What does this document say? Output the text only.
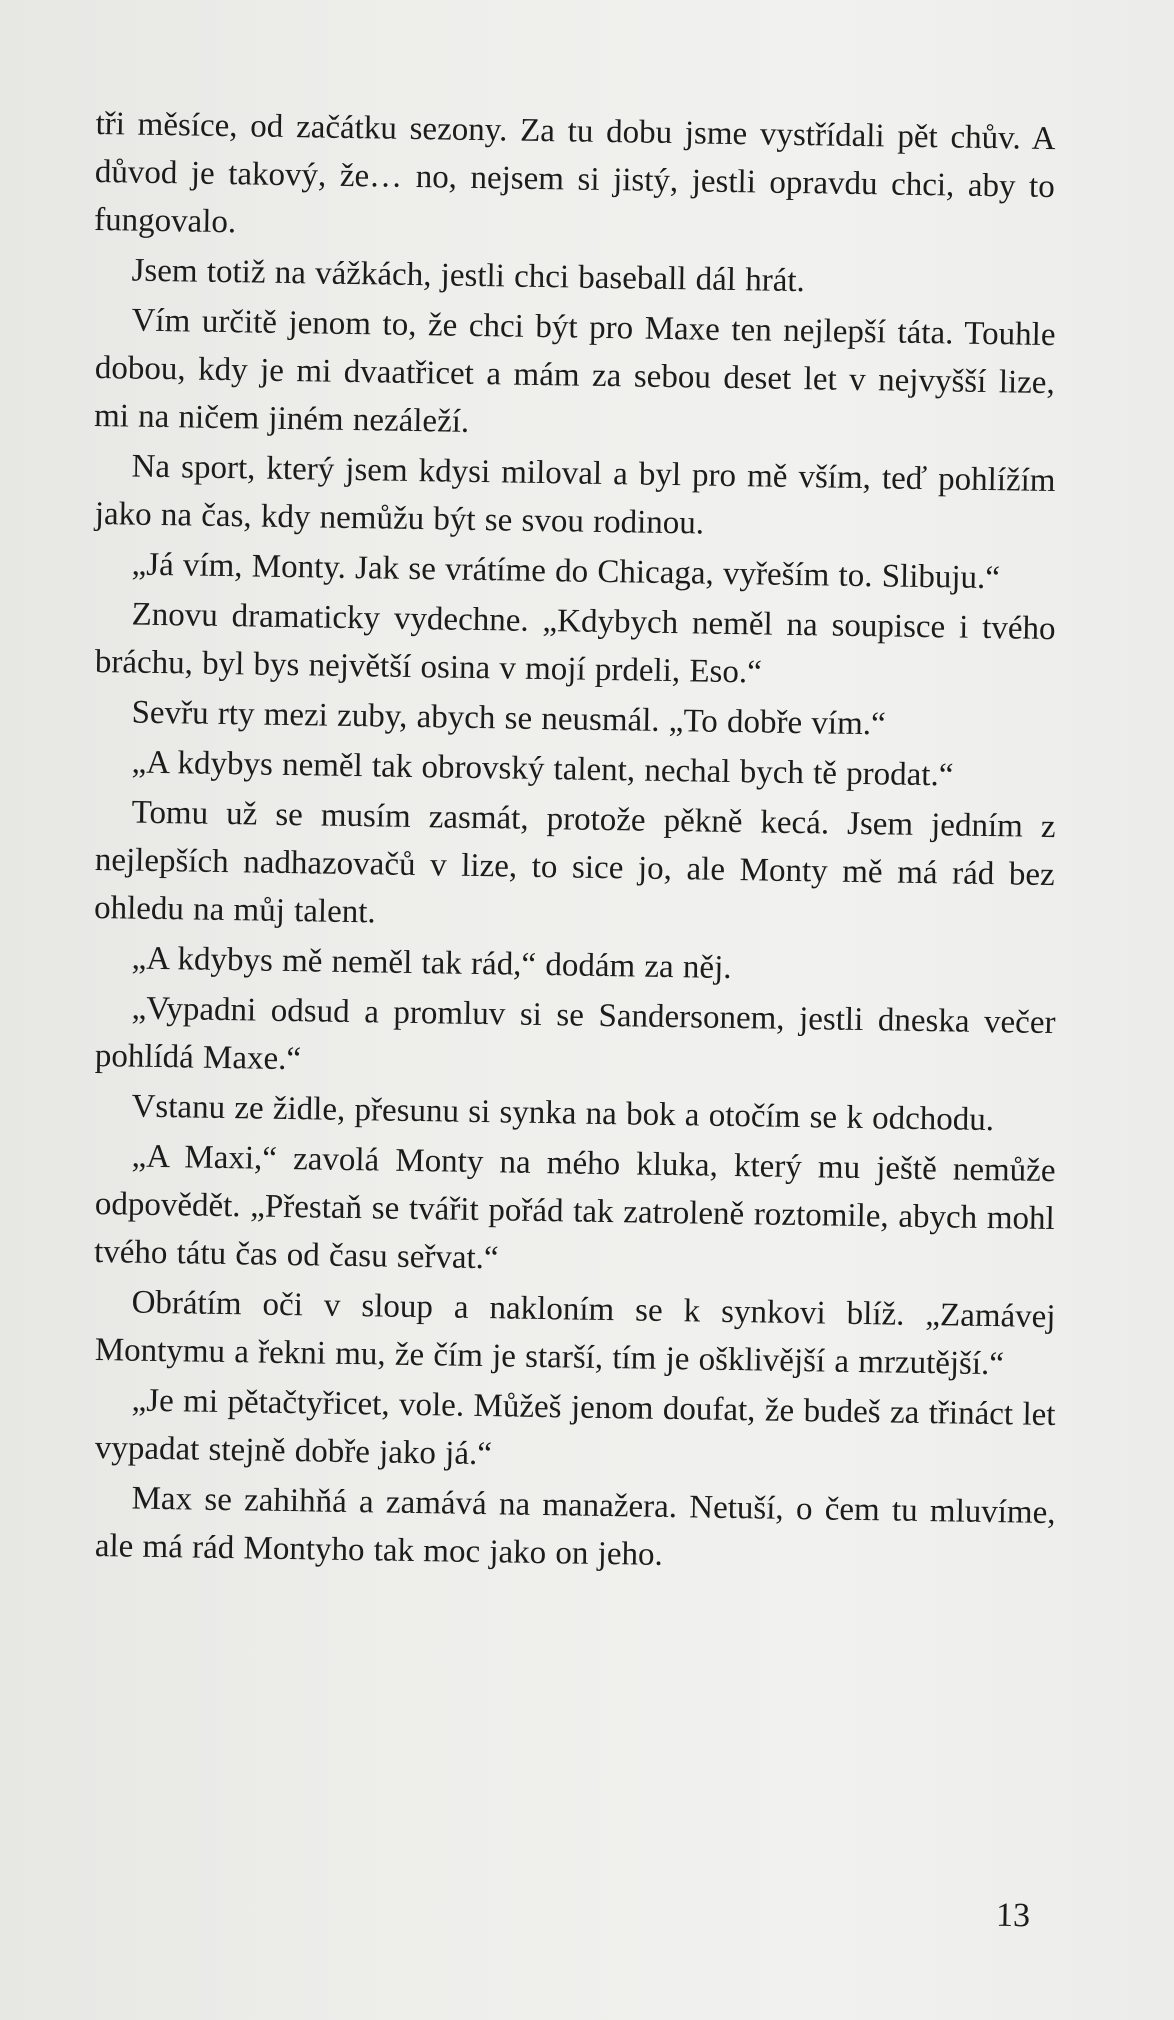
tři měsíce, od začátku sezony. Za tu dobu jsme vystřídali pět chův. A důvod je takový, že… no, nejsem si jistý, jestli opravdu chci, aby to fungovalo.

Jsem totiž na vážkách, jestli chci baseball dál hrát.

Vím určitě jenom to, že chci být pro Maxe ten nejlepší táta. Touhle dobou, kdy je mi dvaatřicet a mám za sebou deset let v nejvyšší lize, mi na ničem jiném nezáleží.

Na sport, který jsem kdysi miloval a byl pro mě vším, teď pohlížím jako na čas, kdy nemůžu být se svou rodinou.

„Já vím, Monty. Jak se vrátíme do Chicaga, vyřeším to. Slibuju.“

Znovu dramaticky vydechne. „Kdybych neměl na soupisce i tvého bráchu, byl bys největší osina v mojí prdeli, Eso.“

Sevřu rty mezi zuby, abych se neusmál. „To dobře vím.“

„A kdybys neměl tak obrovský talent, nechal bych tě prodat.“

Tomu už se musím zasmát, protože pěkně kecá. Jsem jedním z nejlepších nadhazovačů v lize, to sice jo, ale Monty mě má rád bez ohledu na můj talent.

„A kdybys mě neměl tak rád,“ dodám za něj.

„Vypadni odsud a promluv si se Sandersonem, jestli dneska večer pohlídá Maxe.“

Vstanu ze židle, přesunu si synka na bok a otočím se k odchodu.

„A Maxi,“ zavolá Monty na mého kluka, který mu ještě nemůže odpovědět. „Přestaň se tvářit pořád tak zatroleně roztomile, abych mohl tvého tátu čas od času seřvat.“

Obrátím oči v sloup a nakloním se k synkovi blíž. „Zamávej Montymu a řekni mu, že čím je starší, tím je ošklivější a mrzutější.“

„Je mi pětačtyřicet, vole. Můžeš jenom doufat, že budeš za třináct let vypadat stejně dobře jako já.“

Max se zahihňá a zamává na manažera. Netuší, o čem tu mluvíme, ale má rád Montyho tak moc jako on jeho.

13
